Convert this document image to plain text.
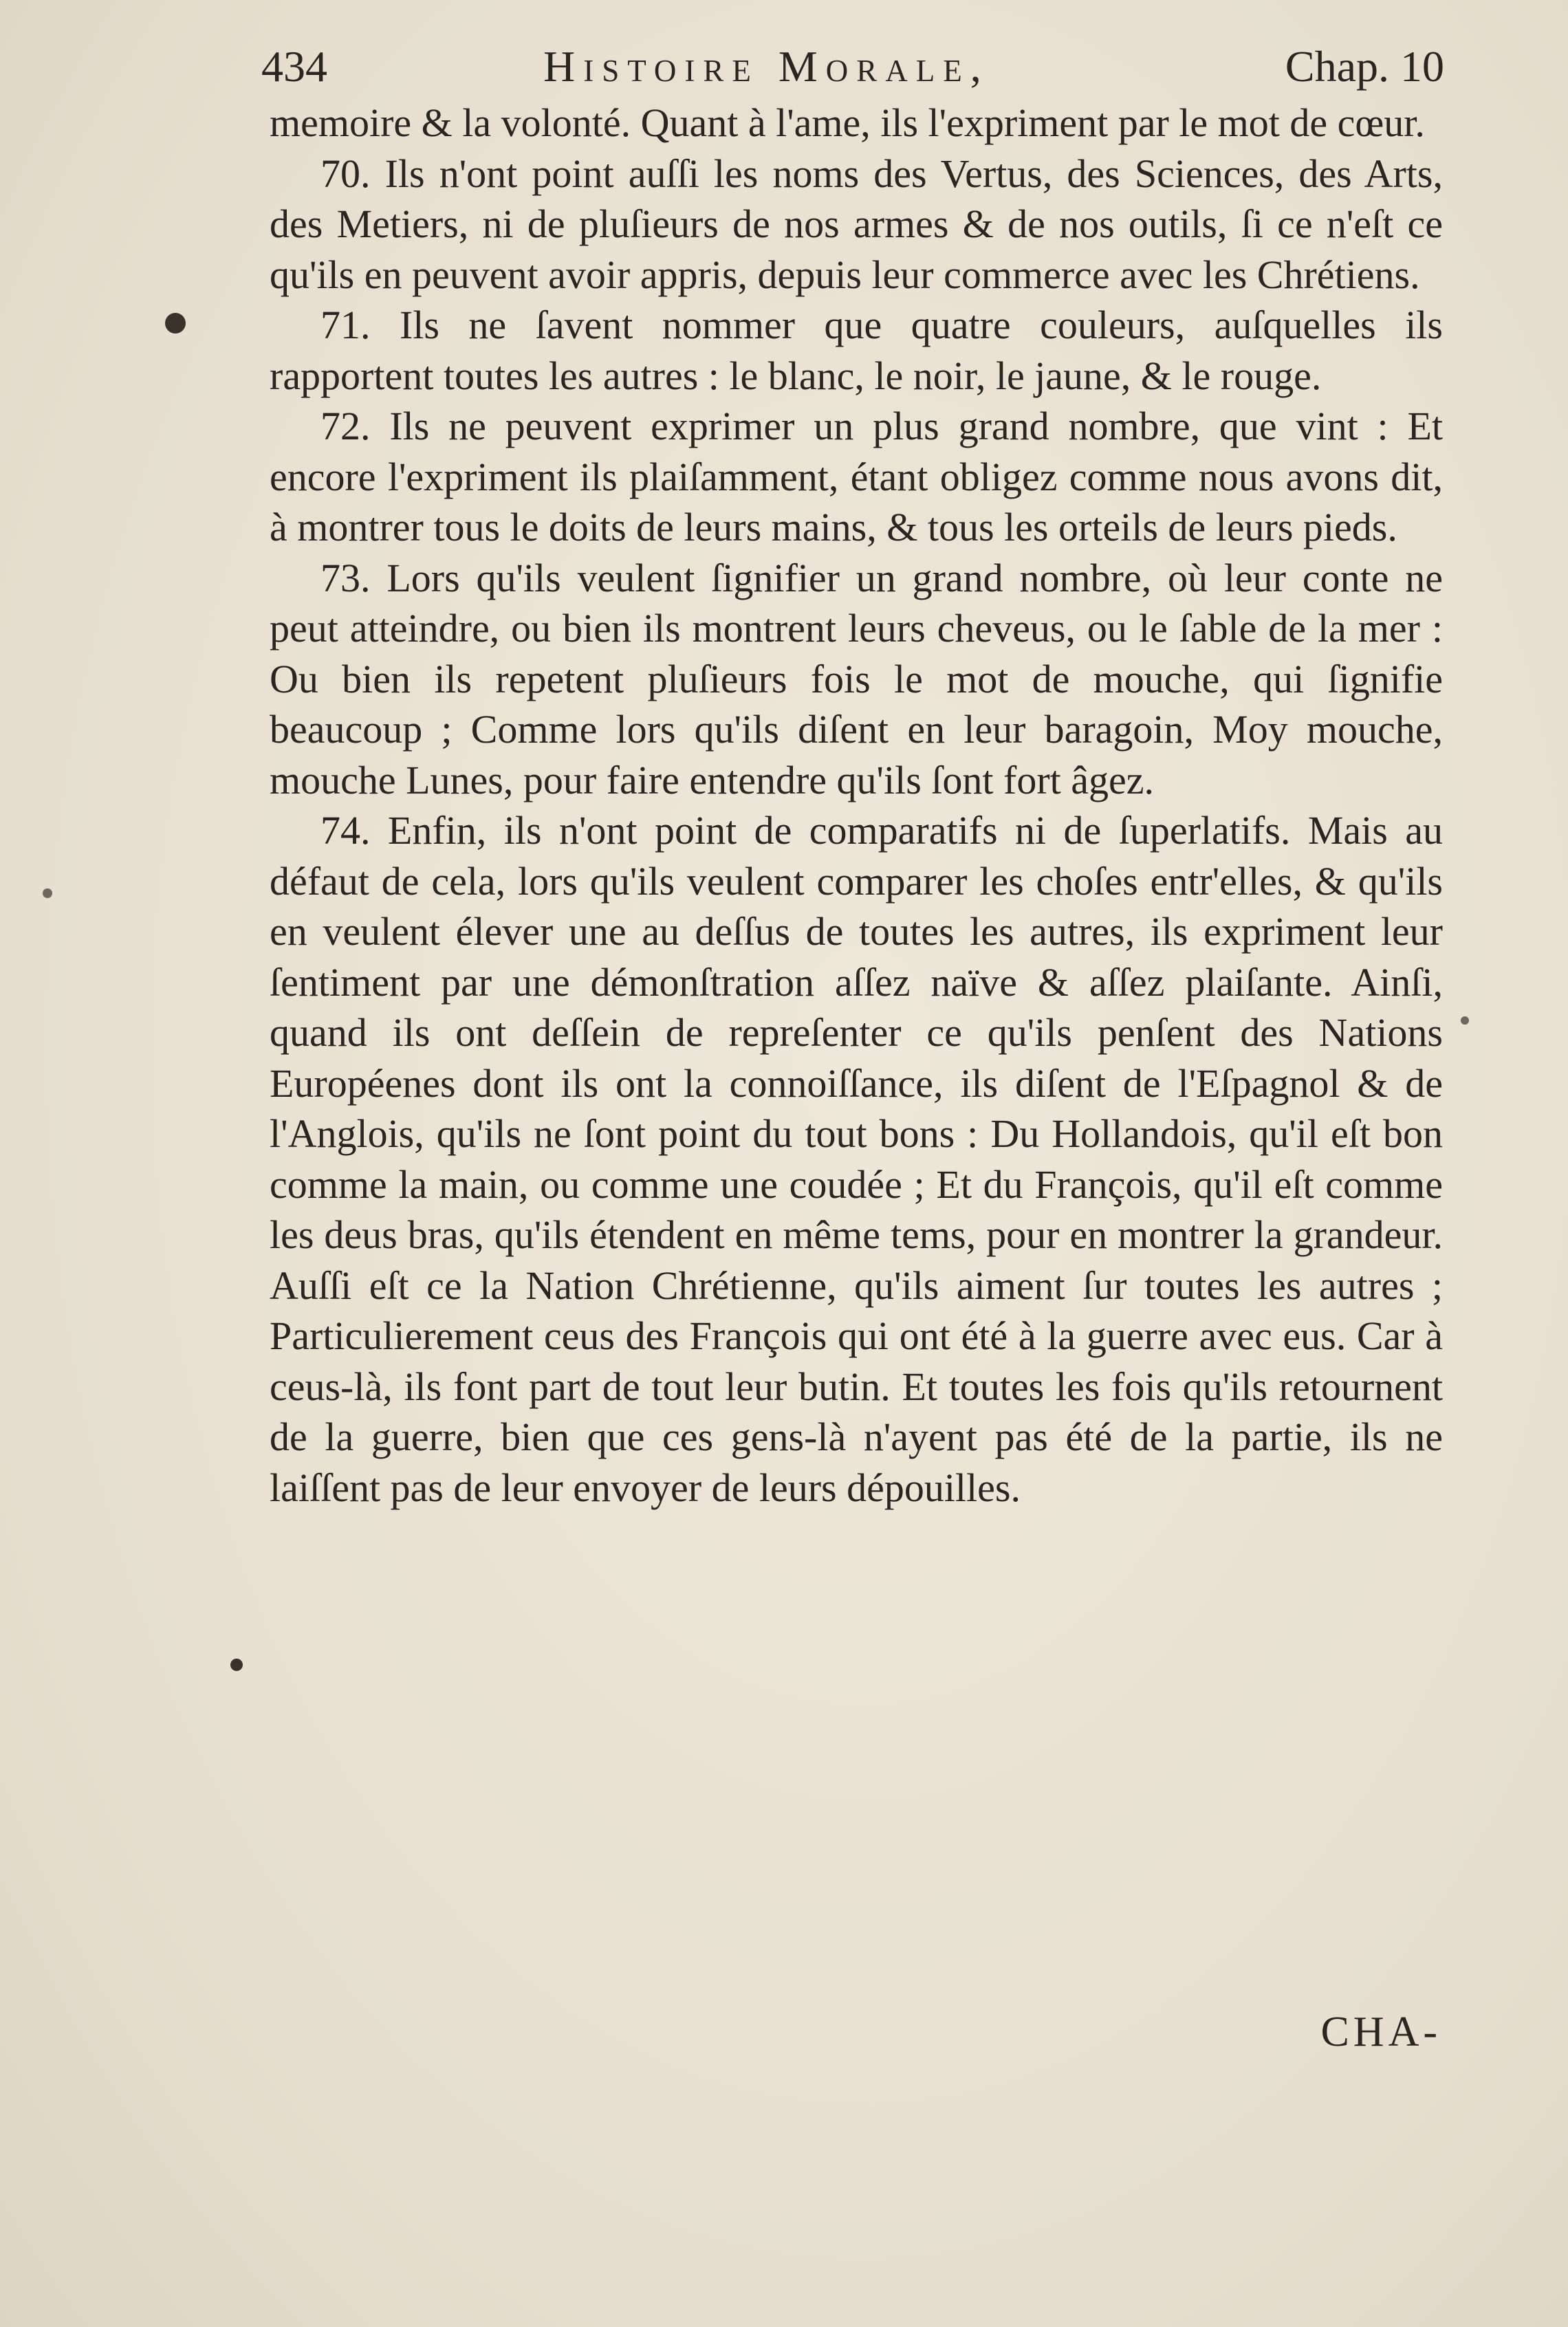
434	Histoire Morale,	Chap. 10

memoire & la volonté. Quant à l'ame, ils l'expriment par le mot de cœur.

70. Ils n'ont point auſſi les noms des Vertus, des Sciences, des Arts, des Metiers, ni de pluſieurs de nos armes & de nos outils, ſi ce n'eſt ce qu'ils en peuvent avoir appris, depuis leur commerce avec les Chrétiens.

71. Ils ne ſavent nommer que quatre couleurs, auſquelles ils rapportent toutes les autres : le blanc, le noir, le jaune, & le rouge.

72. Ils ne peuvent exprimer un plus grand nombre, que vint : Et encore l'expriment ils plaiſamment, étant obligez comme nous avons dit, à montrer tous le doits de leurs mains, & tous les orteils de leurs pieds.

73. Lors qu'ils veulent ſignifier un grand nombre, où leur conte ne peut atteindre, ou bien ils montrent leurs cheveus, ou le ſable de la mer : Ou bien ils repetent pluſieurs fois le mot de mouche, qui ſignifie beaucoup ; Comme lors qu'ils diſent en leur baragoin, Moy mouche, mouche Lunes, pour faire entendre qu'ils ſont fort âgez.

74. Enfin, ils n'ont point de comparatifs ni de ſuperlatifs. Mais au défaut de cela, lors qu'ils veulent comparer les choſes entr'elles, & qu'ils en veulent élever une au deſſus de toutes les autres, ils expriment leur ſentiment par une démonſtration aſſez naïve & aſſez plaiſante. Ainſi, quand ils ont deſſein de repreſenter ce qu'ils penſent des Nations Européenes dont ils ont la connoiſſance, ils diſent de l'Eſpagnol & de l'Anglois, qu'ils ne ſont point du tout bons : Du Hollandois, qu'il eſt bon comme la main, ou comme une coudée ; Et du François, qu'il eſt comme les deus bras, qu'ils étendent en même tems, pour en montrer la grandeur. Auſſi eſt ce la Nation Chrétienne, qu'ils aiment ſur toutes les autres ; Particulierement ceus des François qui ont été à la guerre avec eus. Car à ceus-là, ils font part de tout leur butin. Et toutes les fois qu'ils retournent de la guerre, bien que ces gens-là n'ayent pas été de la partie, ils ne laiſſent pas de leur envoyer de leurs dépouilles.

CHA-
